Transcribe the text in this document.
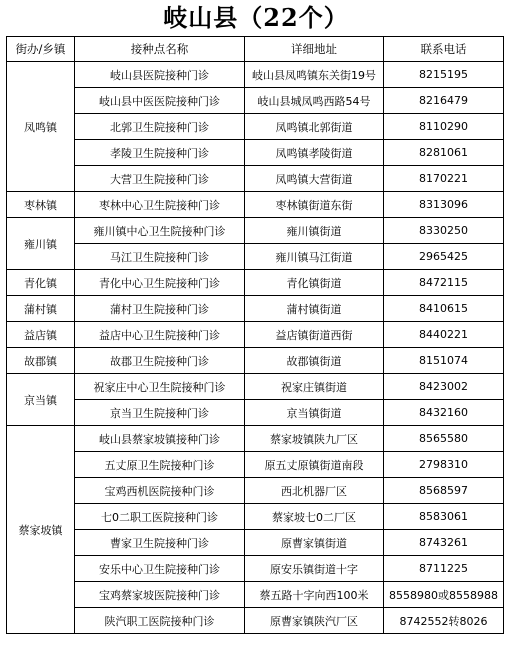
岐山县（22个）
街办/乡镇	接种点名称	详细地址	联系电话
凤鸣镇	岐山县医院接种门诊	岐山县凤鸣镇东关街19号	8215195
	岐山县中医医院接种门诊	岐山县城凤鸣西路54号	8216479
	北郭卫生院接种门诊	凤鸣镇北郭街道	8110290
	孝陵卫生院接种门诊	凤鸣镇孝陵街道	8281061
	大营卫生院接种门诊	凤鸣镇大营街道	8170221
枣林镇	枣林中心卫生院接种门诊	枣林镇街道东街	8313096
雍川镇	雍川镇中心卫生院接种门诊	雍川镇街道	8330250
	马江卫生院接种门诊	雍川镇马江街道	2965425
青化镇	青化中心卫生院接种门诊	青化镇街道	8472115
蒲村镇	蒲村卫生院接种门诊	蒲村镇街道	8410615
益店镇	益店中心卫生院接种门诊	益店镇街道西街	8440221
故郡镇	故郡卫生院接种门诊	故郡镇街道	8151074
京当镇	祝家庄中心卫生院接种门诊	祝家庄镇街道	8423002
	京当卫生院接种门诊	京当镇街道	8432160
蔡家坡镇	岐山县蔡家坡镇接种门诊	蔡家坡镇陕九厂区	8565580
	五丈原卫生院接种门诊	原五丈原镇街道南段	2798310
	宝鸡西机医院接种门诊	西北机器厂区	8568597
	七0二职工医院接种门诊	蔡家坡七0二厂区	8583061
	曹家卫生院接种门诊	原曹家镇街道	8743261
	安乐中心卫生院接种门诊	原安乐镇街道十字	8711225
	宝鸡蔡家坡医院接种门诊	蔡五路十字向西100米	8558980或8558988
	陕汽职工医院接种门诊	原曹家镇陕汽厂区	8742552转8026
